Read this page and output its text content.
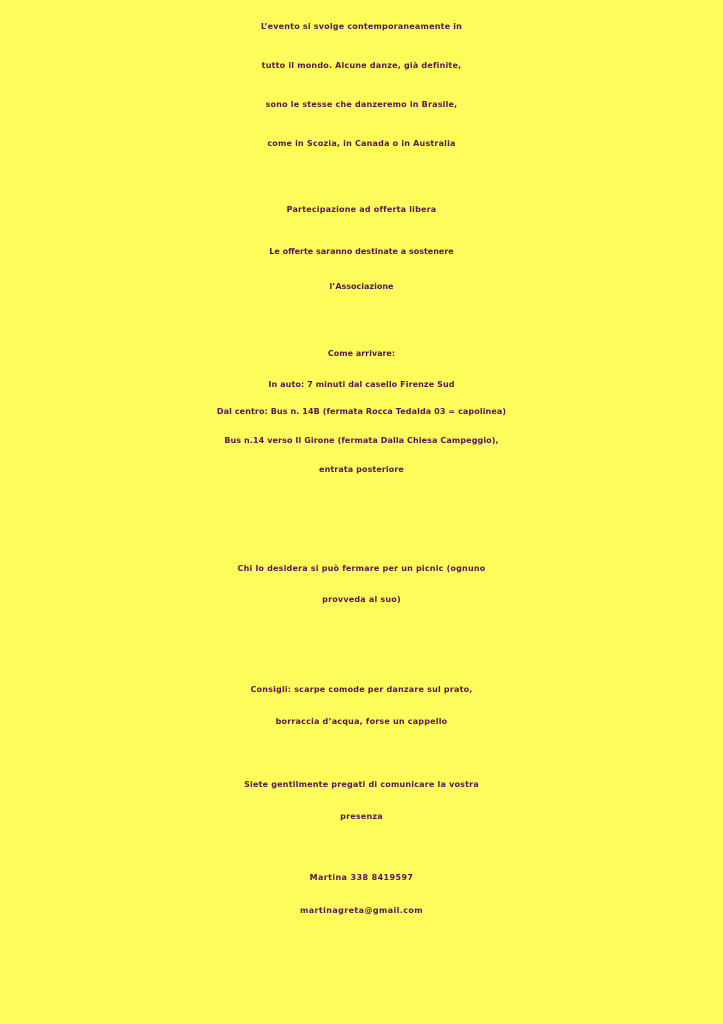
L’evento si svolge contemporaneamente in
tutto il mondo. Alcune danze, già definite,
sono le stesse che danzeremo in Brasile,
come in Scozia, in Canada o in Australia
Partecipazione ad offerta libera
Le offerte saranno destinate a sostenere
l’Associazione
Come arrivare:
In auto: 7 minuti dal casello Firenze Sud
Dal centro: Bus n. 14B (fermata Rocca Tedalda 03 = capolinea)
Bus n.14 verso Il Girone (fermata Dalla Chiesa Campeggio),
entrata posteriore
Chi lo desidera si può fermare per un picnic (ognuno
provveda al suo)
Consigli: scarpe comode per danzare sul prato,
borraccia d’acqua, forse un cappello
Siete gentilmente pregati di comunicare la vostra
presenza
Martina 338 8419597
martinagreta@gmail.com
